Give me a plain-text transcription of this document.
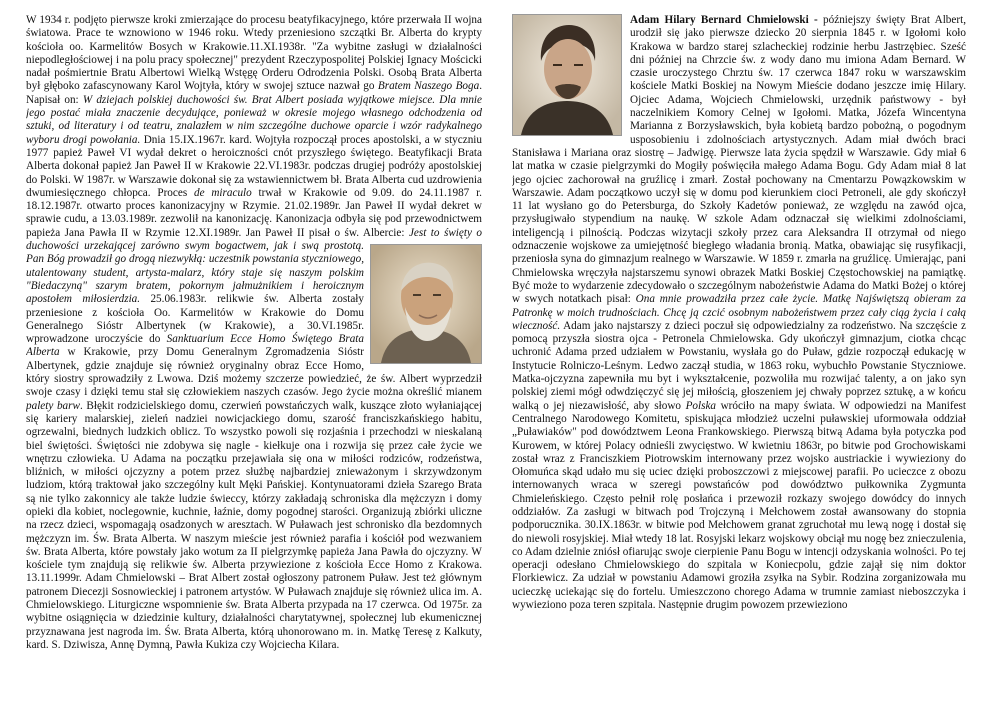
W 1934 r. podjęto pierwsze kroki zmierzające do procesu beatyfikacyjnego, które przerwała II wojna światowa. Prace te wznowiono w 1946 roku. Wtedy przeniesiono szczątki Br. Alberta do krypty kościoła oo. Karmelitów Bosych w Krakowie.11.XI.1938r. "Za wybitne zasługi w działalności niepodległościowej i na polu pracy społecznej" prezydent Rzeczypospolitej Polskiej Ignacy Mościcki nadał pośmiertnie Bratu Albertowi Wielką Wstęgę Orderu Odrodzenia Polski. Osobą Brata Alberta był głęboko zafascynowany Karol Wojtyła, który w swojej sztuce nazwał go Bratem Naszego Boga. Napisał on: W dziejach polskiej duchowości św. Brat Albert posiada wyjątkowe miejsce. Dla mnie jego postać miała znaczenie decydujące, ponieważ w okresie mojego własnego odchodzenia od sztuki, od literatury i od teatru, znalazłem w nim szczególne duchowe oparcie i wzór radykalnego wyboru drogi powołania. Dnia 15.IX.1967r. kard. Wojtyła rozpoczął proces apostolski, a w styczniu 1977 papież Paweł VI wydał dekret o heroiczności cnót przyszłego świętego. Beatyfikacji Brata Alberta dokonał papież Jan Paweł II w Krakowie 22.VI.1983r. podczas drugiej podróży apostolskiej do Polski. W 1987r. w Warszawie dokonał się za wstawiennictwem bł. Brata Alberta cud uzdrowienia dwumiesięcznego chłopca. Proces de miraculo trwał w Krakowie od 9.09. do 24.11.1987 r. 18.12.1987r. otwarto proces kanonizacyjny w Rzymie. 21.02.1989r. Jan Paweł II wydał dekret w sprawie cudu, a 13.03.1989r. zezwolił na kanonizację. Kanonizacja odbyła się pod przewodnictwem papieża Jana Pawła II w Rzymie 12.XI.1989r. Jan Paweł II pisał o św. Albercie:
Jest to święty o duchowości urzekającej zarówno swym bogactwem, jak i swą prostotą. Pan Bóg prowadził go drogą niezwykłą: uczestnik powstania styczniowego, utalentowany student, artysta-malarz, który staje się naszym polskim "Biedaczyną" szarym bratem, pokornym jałmużnikiem i heroicznym apostołem miłosierdzia. 25.06.1983r. relikwie św. Alberta zostały przeniesione z kościoła Oo. Karmelitów w Krakowie do Domu Generalnego Sióstr Albertynek (w Krakowie), a 30.VI.1985r. wprowadzone uroczyście do Sanktuarium Ecce Homo Świętego Brata Alberta w Krakowie, przy Domu Generalnym Zgromadzenia Sióstr Albertynek, gdzie znajduje się również oryginalny obraz Ecce Homo, który siostry sprowadziły z Lwowa. Dziś możemy szczerze powiedzieć, że św. Albert wyprzedził swoje czasy i dzięki temu stał się człowiekiem naszych czasów. Jego życie można określić mianem palety barw. Błękit rodzicielskiego domu, czerwień powstańczych walk, kuszące złoto wyłaniającej się kariery malarskiej, zieleń nadziei nowicjackiego domu, szarość franciszkańskiego habitu, ogrzewalni, biednych ludzkich oblicz. To wszystko powoli się rozjaśnia i przechodzi w nieskalaną biel świętości. Świętości nie zdobywa się nagle - kiełkuje ona i rozwija się przez całe życie we wnętrzu człowieka. U Adama na początku przejawiała się ona w miłości rodziców, rodzeństwa, bliźnich, w miłości ojczyzny a potem przez służbę najbardziej znieważonym i skrzywdzonym ludziom, którą traktował jako szczególny kult Męki Pańskiej. Kontynuatorami dzieła Szarego Brata są nie tylko zakonnicy ale także ludzie świeccy, którzy zakładają schroniska dla mężczyzn i domy opieki dla kobiet, noclegownie, kuchnie, łaźnie, domy pogodnej starości. Organizują zbiórki uliczne na rzecz dzieci, wspomagają osadzonych w aresztach. W Puławach jest schronisko dla bezdomnych mężczyzn im. Św. Brata Alberta. W naszym mieście jest również parafia i kościół pod wezwaniem św. Brata Alberta, które powstały jako wotum za II pielgrzymkę papieża Jana Pawła do ojczyzny. W kościele tym znajdują się relikwie św. Alberta przywiezione z kościoła Ecce Homo z Krakowa. 13.11.1999r. Adam Chmielowski – Brat Albert został ogłoszony patronem Puław. Jest też głównym patronem Diecezji Sosnowieckiej i patronem artystów. W Puławach znajduje się również ulica im. A. Chmielowskiego. Liturgiczne wspomnienie św. Brata Alberta przypada na 17 czerwca. Od 1975r. za wybitne osiągnięcia w dziedzinie kultury, działalności charytatywnej, społecznej lub ekumenicznej przyznawana jest nagroda im. Św. Brata Alberta, którą uhonorowano m. in. Matkę Teresę z Kalkuty, kard. S. Dziwisza, Annę Dymną, Pawła Kukiza czy Wojciecha Kilara.

Adam Hilary Bernard Chmielowski - późniejszy święty Brat Albert, urodził się jako pierwsze dziecko 20 sierpnia 1845 r. w Igołomi koło Krakowa w bardzo starej szlacheckiej rodzinie herbu Jastrzębiec. Sześć dni później na Chrzcie św. z wody dano mu imiona Adam Bernard. W czasie uroczystego Chrztu św. 17 czerwca 1847 roku w warszawskim kościele Matki Boskiej na Nowym Mieście dodano jeszcze imię Hilary. Ojciec Adama, Wojciech Chmielowski, urzędnik państwowy - był naczelnikiem Komory Celnej w Igołomi. Matka, Józefa Wincentyna Marianna z Borzysławskich, była kobietą bardzo pobożną, o pogodnym usposobieniu i zdolnościach artystycznych. Adam miał dwóch braci Stanisława i Mariana oraz siostrę – Jadwigę. Pierwsze lata życia spędził w Warszawie. Gdy miał 6 lat matka w czasie pielgrzymki do Mogiły poświęciła małego Adama Bogu. Gdy Adam miał 8 lat jego ojciec zachorował na gruźlicę i zmarł. Został pochowany na Cmentarzu Powązkowskim w Warszawie. Adam początkowo uczył się w domu pod kierunkiem cioci Petroneli, ale gdy skończył 11 lat wysłano go do Petersburga, do Szkoły Kadetów ponieważ, ze względu na zawód ojca, przysługiwało stypendium na naukę. W szkole Adam odznaczał się wielkimi zdolnościami, inteligencją i pilnością. Podczas wizytacji szkoły przez cara Aleksandra II otrzymał od niego odznaczenie wojskowe za umiejętność biegłego władania bronią. Matka, obawiając się rusyfikacji, przeniosła syna do gimnazjum realnego w Warszawie. W 1859 r. zmarła na gruźlicę. Umierając, pani Chmielowska wręczyła najstarszemu synowi obrazek Matki Boskiej Częstochowskiej na pamiątkę. Być może to wydarzenie zdecydowało o szczególnym nabożeństwie Adama do Matki Bożej o której w swych notatkach pisał: Ona mnie prowadziła przez całe życie. Matkę Najświętszą obieram za Patronkę w moich trudnościach. Chcę ją czcić osobnym nabożeństwem przez cały ciąg życia i całą wieczność. Adam jako najstarszy z dzieci poczuł się odpowiedzialny za rodzeństwo. Na szczęście z pomocą przyszła siostra ojca - Petronela Chmielowska. Gdy ukończył gimnazjum, ciotka chcąc uchronić Adama przed udziałem w Powstaniu, wysłała go do Puław, gdzie rozpoczął edukację w Instytucie Rolniczo-Leśnym. Ledwo zaczął studia, w 1863 roku, wybuchło Powstanie Styczniowe. Matka-ojczyzna zapewniła mu byt i wykształcenie, pozwoliła mu rozwijać talenty, a on jako syn polskiej ziemi mógł odwdzięczyć się jej miłością, głoszeniem jej chwały poprzez sztukę, a w końcu walką o jej niezawisłość, aby słowo Polska wróciło na mapy świata. W odpowiedzi na Manifest Centralnego Narodowego Komitetu, spiskująca młodzież uczelni puławskiej uformowała oddział „Puławiaków" pod dowództwem Leona Frankowskiego. Pierwszą bitwą Adama była potyczka pod Kurowem, w której Polacy odnieśli zwycięstwo. W kwietniu 1863r, po bitwie pod Grochowiskami został wraz z Franciszkiem Piotrowskim internowany przez wojsko austriackie i wywieziony do Ołomuńca skąd udało mu się uciec dzięki proboszczowi z miejscowej parafii. Po ucieczce z obozu internowanych wraca w szeregi powstańców pod dowództwo pułkownika Zygmunta Chmieleńskiego. Często pełnił rolę posłańca i przewoził rozkazy swojego dowódcy do innych oddziałów. Za zasługi w bitwach pod Trojczyną i Mełchowem został awansowany do stopnia podporucznika. 30.IX.1863r. w bitwie pod Mełchowem granat zgruchotał mu lewą nogę i dostał się do niewoli rosyjskiej. Miał wtedy 18 lat. Rosyjski lekarz wojskowy obciął mu nogę bez znieczulenia, co Adam dzielnie zniósł ofiarując swoje cierpienie Panu Bogu w intencji odzyskania wolności. Po tej operacji odesłano Chmielowskiego do szpitala w Koniecpolu, gdzie zajął się nim doktor Florkiewicz. Za udział w powstaniu Adamowi groziła zsyłka na Sybir. Rodzina zorganizowała mu ucieczkę uciekając się do fortelu. Umieszczono chorego Adama w trumnie zamiast nieboszczyka i wywieziono poza teren szpitala. Następnie drugim powozem przewieziono
